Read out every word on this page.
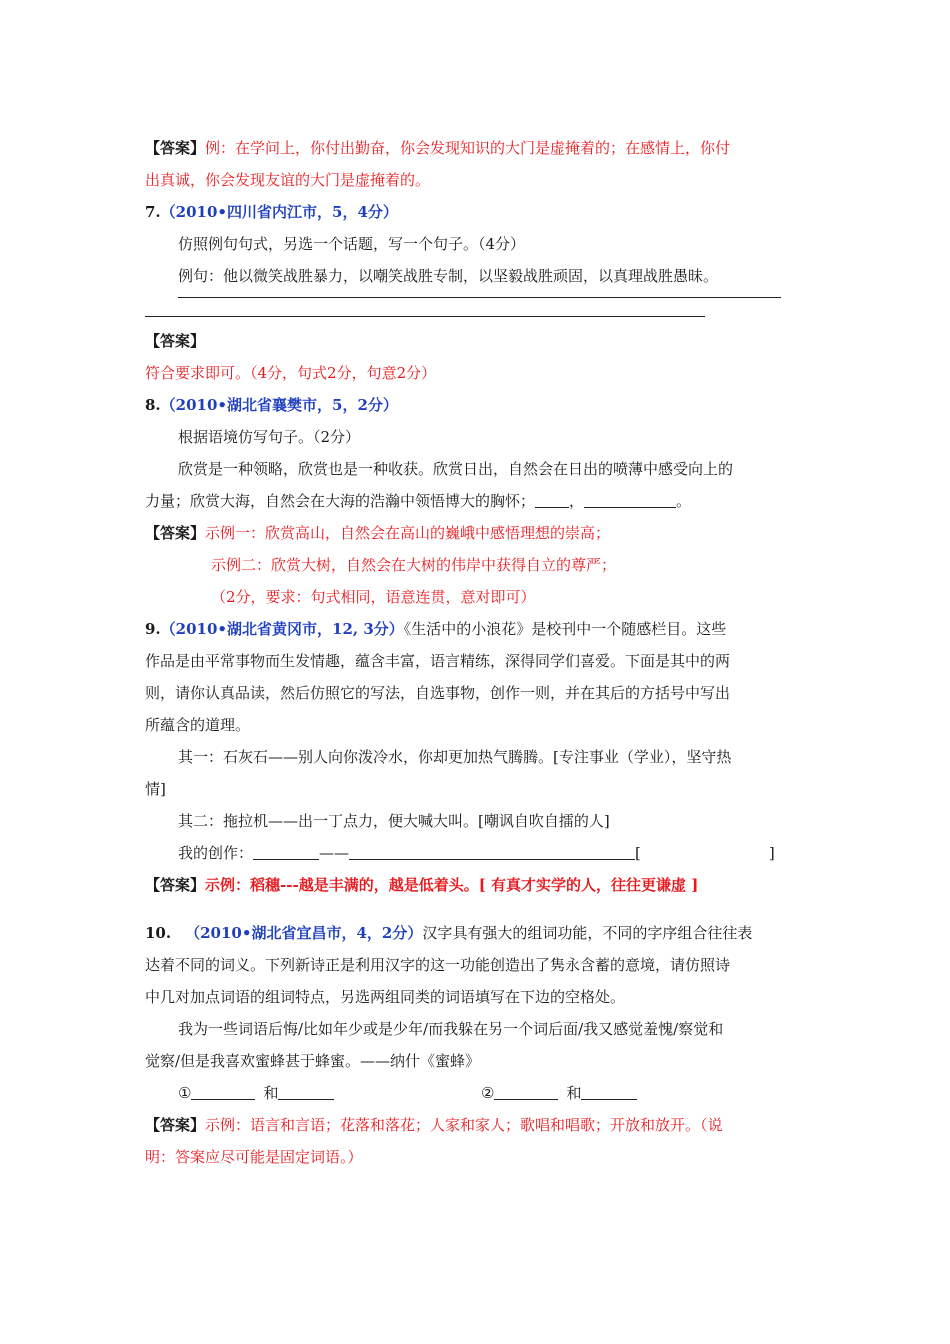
【答案】例：在学问上，你付出勤奋，你会发现知识的大门是虚掩着的；在感情上，你付
出真诚，你会发现友谊的大门是虚掩着的。
7.（2010•四川省内江市，5，4分）
仿照例句句式，另选一个话题，写一个句子。（4分）
例句：他以微笑战胜暴力，以嘲笑战胜专制，以坚毅战胜顽固，以真理战胜愚昧。
【答案】
符合要求即可。（4分，句式2分，句意2分）
8.（2010•湖北省襄樊市，5，2分）
根据语境仿写句子。（2分）
欣赏是一种领略，欣赏也是一种收获。欣赏日出，自然会在日出的喷薄中感受向上的
力量；欣赏大海，自然会在大海的浩瀚中领悟博大的胸怀； ，	。
【答案】示例一：欣赏高山，自然会在高山的巍峨中感悟理想的崇高；
示例二：欣赏大树，自然会在大树的伟岸中获得自立的尊严；
（2分，要求：句式相同，语意连贯，意对即可）
9.（2010•湖北省黄冈市，12, 3分）《生活中的小浪花》是校刊中一个随感栏目。这些
作品是由平常事物而生发情趣，蕴含丰富，语言精练，深得同学们喜爱。下面是其中的两
则，请你认真品读，然后仿照它的写法，自选事物，创作一则，并在其后的方括号中写出
所蕴含的道理。
其一：石灰石——别人向你泼冷水，你却更加热气腾腾。[专注事业（学业），坚守热
情]
其二：拖拉机——出一丁点力，便大喊大叫。[嘲讽自吹自擂的人]
我的创作：	——	[	]
【答案】示例：稻穗---越是丰满的，越是低着头。[ 有真才实学的人，往往更谦虚 ]
10. （2010•湖北省宜昌市，4，2分）汉字具有强大的组词功能，不同的字序组合往往表
达着不同的词义。下列新诗正是利用汉字的这一功能创造出了隽永含蓄的意境，请仿照诗
中几对加点词语的组词特点，另选两组同类的词语填写在下边的空格处。
我为一些词语后悔/比如年少或是少年/而我躲在另一个词后面/我又感觉羞愧/察觉和
觉察/但是我喜欢蜜蜂甚于蜂蜜。——纳什《蜜蜂》
①	和	②	和
【答案】示例：语言和言语；花落和落花；人家和家人；歌唱和唱歌；开放和放开。（说
明：答案应尽可能是固定词语。）
